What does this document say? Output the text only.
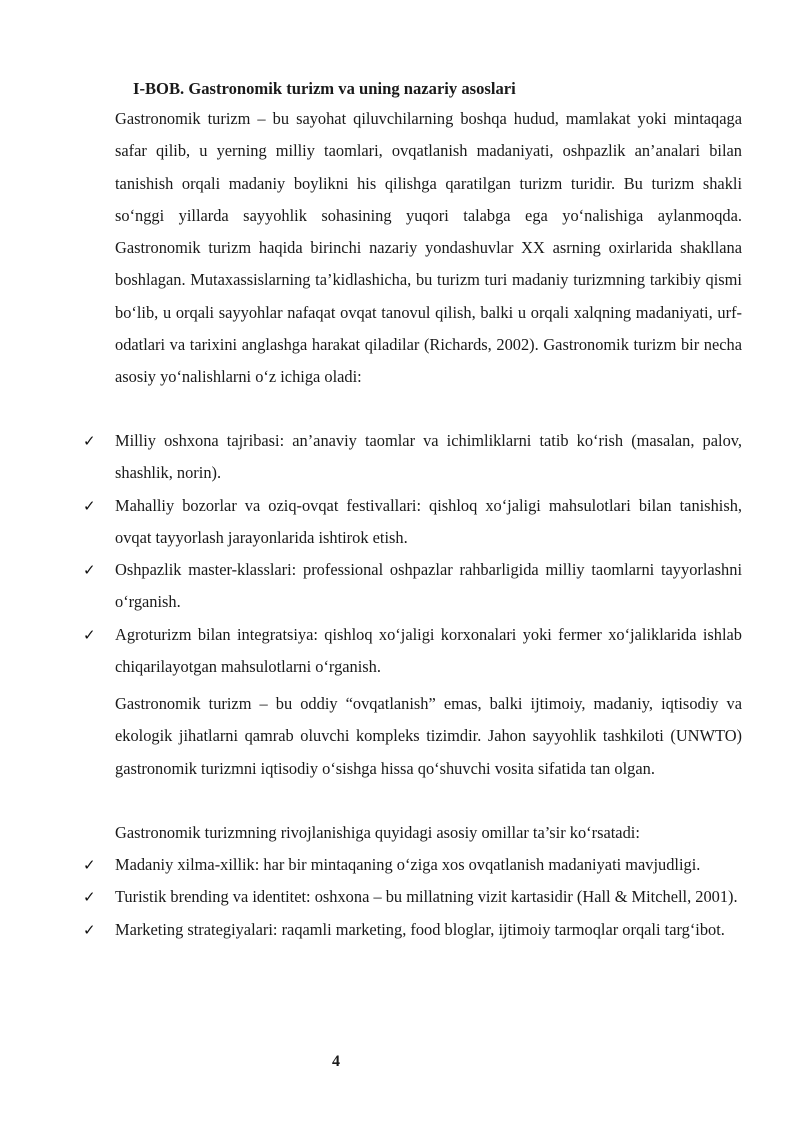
I-BOB. Gastronomik turizm va uning nazariy asoslari

Gastronomik turizm – bu sayohat qiluvchilarning boshqa hudud, mamlakat yoki mintaqaga safar qilib, u yerning milliy taomlari, ovqatlanish madaniyati, oshpazlik an’analari bilan tanishish orqali madaniy boylikni his qilishga qaratilgan turizm turidir. Bu turizm shakli so‘nggi yillarda sayyohlik sohasining yuqori talabga ega yo‘nalishiga aylanmoqda. Gastronomik turizm haqida birinchi nazariy yondashuvlar XX asrning oxirlarida shakllana boshlagan. Mutaxassislarning ta’kidlashicha, bu turizm turi madaniy turizmning tarkibiy qismi bo‘lib, u orqali sayyohlar nafaqat ovqat tanovul qilish, balki u orqali xalqning madaniyati, urf-odatlari va tarixini anglashga harakat qiladilar (Richards, 2002). Gastronomik turizm bir necha asosiy yo‘nalishlarni o‘z ichiga oladi:

✓	Milliy oshxona tajribasi: an’anaviy taomlar va ichimliklarni tatib ko‘rish (masalan, palov, shashlik, norin).
✓	Mahalliy bozorlar va oziq-ovqat festivallari: qishloq xo‘jaligi mahsulotlari bilan tanishish, ovqat tayyorlash jarayonlarida ishtirok etish.
✓	Oshpazlik master-klasslari: professional oshpazlar rahbarligida milliy taomlarni tayyorlashni o‘rganish.
✓	Agroturizm bilan integratsiya: qishloq xo‘jaligi korxonalari yoki fermer xo‘jaliklarida ishlab chiqarilayotgan mahsulotlarni o‘rganish.

Gastronomik turizm – bu oddiy “ovqatlanish” emas, balki ijtimoiy, madaniy, iqtisodiy va ekologik jihatlarni qamrab oluvchi kompleks tizimdir. Jahon sayyohlik tashkiloti (UNWTO) gastronomik turizmni iqtisodiy o‘sishga hissa qo‘shuvchi vosita sifatida tan olgan.

Gastronomik turizmning rivojlanishiga quyidagi asosiy omillar ta’sir ko‘rsatadi:

✓	Madaniy xilma-xillik: har bir mintaqaning o‘ziga xos ovqatlanish madaniyati mavjudligi.
✓	Turistik brending va identitet: oshxona – bu millatning vizit kartasidir (Hall & Mitchell, 2001).
✓	Marketing strategiyalari: raqamli marketing, food bloglar, ijtimoiy tarmoqlar orqali targ‘ibot.
4
